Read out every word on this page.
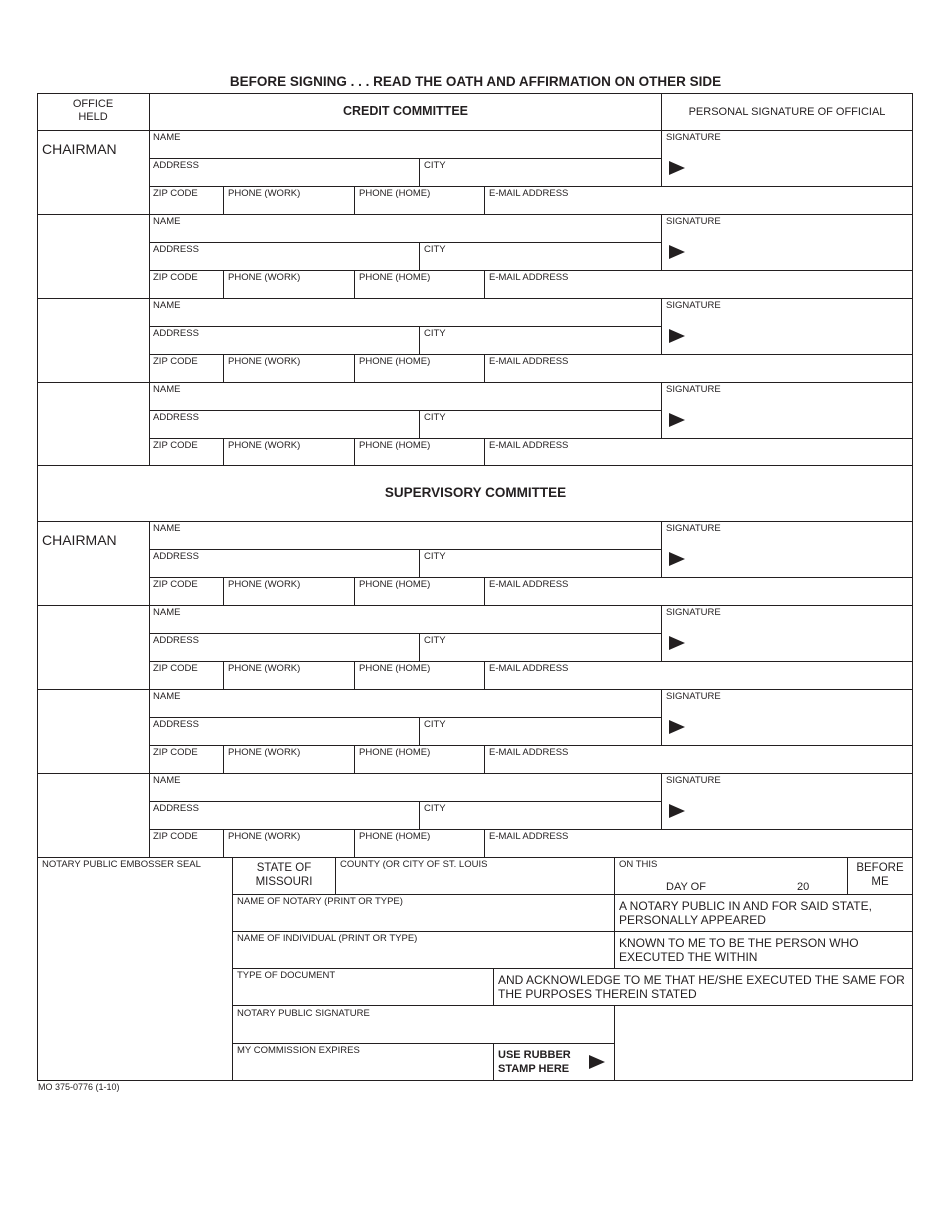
BEFORE SIGNING . . . READ THE OATH AND AFFIRMATION ON OTHER SIDE
OFFICE HELD	CREDIT COMMITTEE	PERSONAL SIGNATURE OF OFFICIAL
CHAIRMAN
NAME
ADDRESS	CITY
ZIP CODE	PHONE (WORK)	PHONE (HOME)	E-MAIL ADDRESS
SIGNATURE
NAME
ADDRESS	CITY
ZIP CODE	PHONE (WORK)	PHONE (HOME)	E-MAIL ADDRESS
SIGNATURE
NAME
ADDRESS	CITY
ZIP CODE	PHONE (WORK)	PHONE (HOME)	E-MAIL ADDRESS
SIGNATURE
NAME
ADDRESS	CITY
ZIP CODE	PHONE (WORK)	PHONE (HOME)	E-MAIL ADDRESS
SIGNATURE
SUPERVISORY COMMITTEE
CHAIRMAN
NAME
ADDRESS	CITY
ZIP CODE	PHONE (WORK)	PHONE (HOME)	E-MAIL ADDRESS
SIGNATURE
NAME
ADDRESS	CITY
ZIP CODE	PHONE (WORK)	PHONE (HOME)	E-MAIL ADDRESS
SIGNATURE
NAME
ADDRESS	CITY
ZIP CODE	PHONE (WORK)	PHONE (HOME)	E-MAIL ADDRESS
SIGNATURE
NAME
ADDRESS	CITY
ZIP CODE	PHONE (WORK)	PHONE (HOME)	E-MAIL ADDRESS
SIGNATURE
NOTARY PUBLIC EMBOSSER SEAL	STATE OF MISSOURI
COUNTY (OR CITY OF ST. LOUIS	ON THIS
DAY OF	20
BEFORE ME
NAME OF NOTARY (PRINT OR TYPE)	A NOTARY PUBLIC IN AND FOR SAID STATE, PERSONALLY APPEARED
NAME OF INDIVIDUAL (PRINT OR TYPE)	KNOWN TO ME TO BE THE PERSON WHO EXECUTED THE WITHIN
TYPE OF DOCUMENT	AND ACKNOWLEDGE TO ME THAT HE/SHE EXECUTED THE SAME FOR THE PURPOSES THEREIN STATED
NOTARY PUBLIC SIGNATURE
MY COMMISSION EXPIRES	USE RUBBER STAMP HERE
MO 375-0776 (1-10)
